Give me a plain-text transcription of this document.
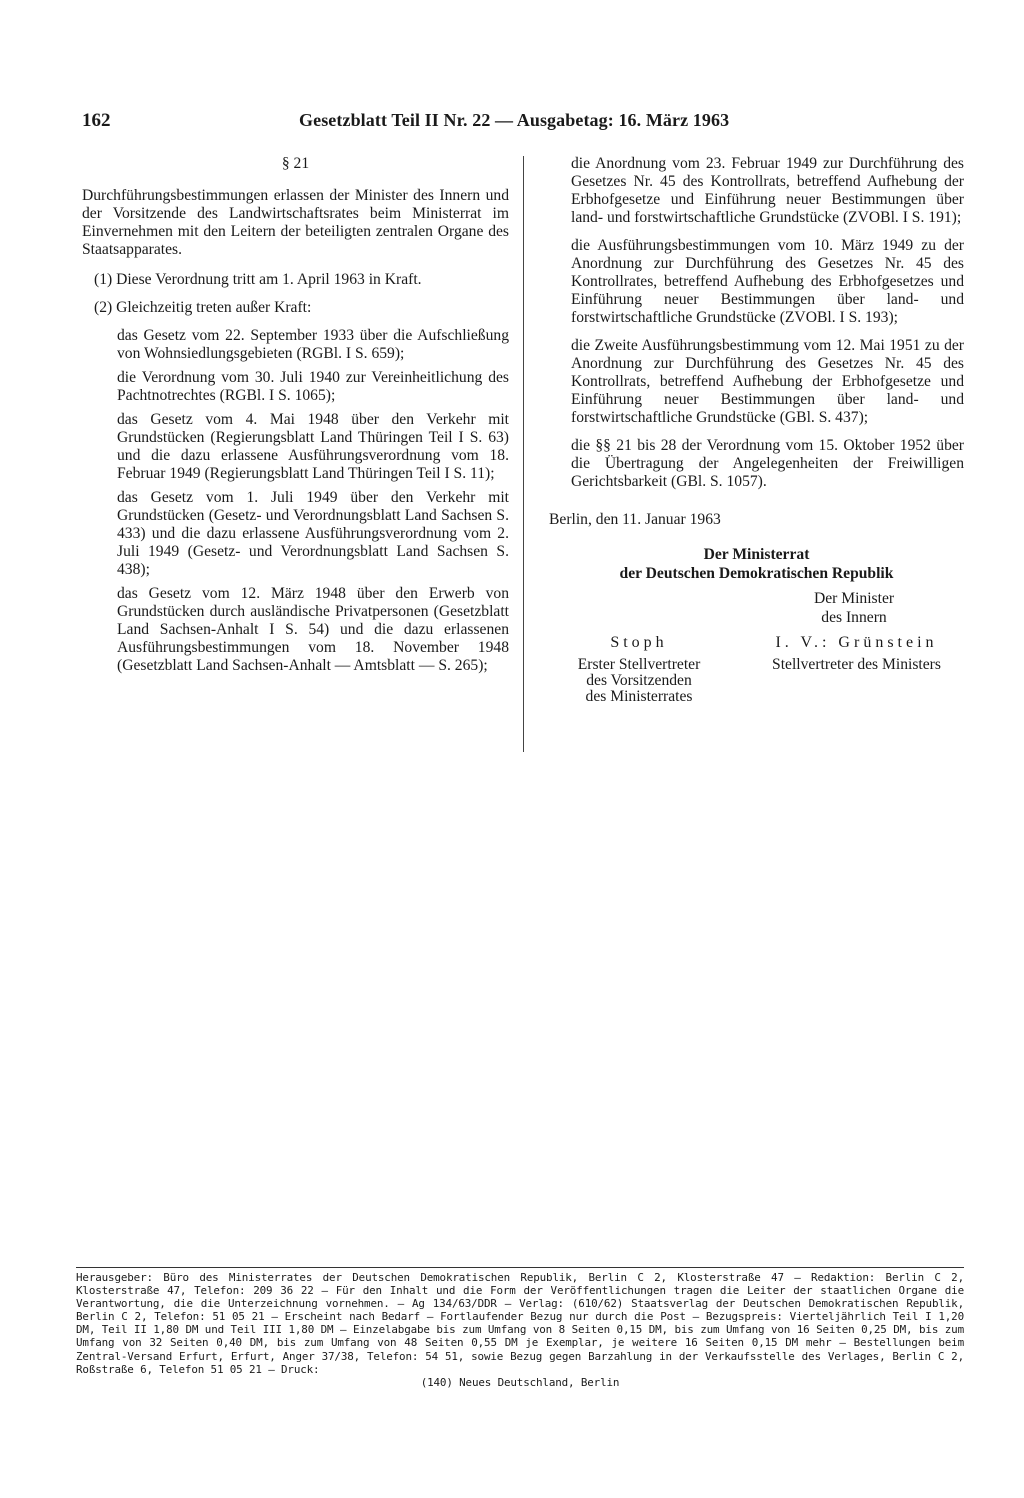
162	Gesetzblatt Teil II Nr. 22 — Ausgabetag: 16. März 1963

§ 21

Durchführungsbestimmungen erlassen der Minister des Innern und der Vorsitzende des Landwirtschaftsrates beim Ministerrat im Einvernehmen mit den Leitern der beteiligten zentralen Organe des Staatsapparates.

(1) Diese Verordnung tritt am 1. April 1963 in Kraft.

(2) Gleichzeitig treten außer Kraft:

das Gesetz vom 22. September 1933 über die Aufschließung von Wohnsiedlungsgebieten (RGBl. I S. 659);

die Verordnung vom 30. Juli 1940 zur Vereinheitlichung des Pachtnotrechtes (RGBl. I S. 1065);

das Gesetz vom 4. Mai 1948 über den Verkehr mit Grundstücken (Regierungsblatt Land Thüringen Teil I S. 63) und die dazu erlassene Ausführungsverordnung vom 18. Februar 1949 (Regierungsblatt Land Thüringen Teil I S. 11);

das Gesetz vom 1. Juli 1949 über den Verkehr mit Grundstücken (Gesetz- und Verordnungsblatt Land Sachsen S. 433) und die dazu erlassene Ausführungsverordnung vom 2. Juli 1949 (Gesetz- und Verordnungsblatt Land Sachsen S. 438);

das Gesetz vom 12. März 1948 über den Erwerb von Grundstücken durch ausländische Privatpersonen (Gesetzblatt Land Sachsen-Anhalt I S. 54) und die dazu erlassenen Ausführungsbestimmungen vom 18. November 1948 (Gesetzblatt Land Sachsen-Anhalt — Amtsblatt — S. 265);

die Anordnung vom 23. Februar 1949 zur Durchführung des Gesetzes Nr. 45 des Kontrollrats, betreffend Aufhebung der Erbhofgesetze und Einführung neuer Bestimmungen über land- und forstwirtschaftliche Grundstücke (ZVOBl. I S. 191);

die Ausführungsbestimmungen vom 10. März 1949 zu der Anordnung zur Durchführung des Gesetzes Nr. 45 des Kontrollrates, betreffend Aufhebung des Erbhofgesetzes und Einführung neuer Bestimmungen über land- und forstwirtschaftliche Grundstücke (ZVOBl. I S. 193);

die Zweite Ausführungsbestimmung vom 12. Mai 1951 zu der Anordnung zur Durchführung des Gesetzes Nr. 45 des Kontrollrats, betreffend Aufhebung der Erbhofgesetze und Einführung neuer Bestimmungen über land- und forstwirtschaftliche Grundstücke (GBl. S. 437);

die §§ 21 bis 28 der Verordnung vom 15. Oktober 1952 über die Übertragung der Angelegenheiten der Freiwilligen Gerichtsbarkeit (GBl. S. 1057).

Berlin, den 11. Januar 1963

Der Ministerrat
der Deutschen Demokratischen Republik
Der Minister
des Innern
Stoph
Erster Stellvertreter
des Vorsitzenden
des Ministerrates
I. V.: Grünstein
Stellvertreter des Ministers
Herausgeber: Büro des Ministerrates der Deutschen Demokratischen Republik, Berlin C 2, Klosterstraße 47 – Redaktion: Berlin C 2, Klosterstraße 47, Telefon: 209 36 22 – Für den Inhalt und die Form der Veröffentlichungen tragen die Leiter der staatlichen Organe die Verantwortung, die die Unterzeichnung vornehmen. – Ag 134/63/DDR – Verlag: (610/62) Staatsverlag der Deutschen Demokratischen Republik, Berlin C 2, Telefon: 51 05 21 – Erscheint nach Bedarf – Fortlaufender Bezug nur durch die Post – Bezugspreis: Vierteljährlich Teil I 1,20 DM, Teil II 1,80 DM und Teil III 1,80 DM – Einzelabgabe bis zum Umfang von 8 Seiten 0,15 DM, bis zum Umfang von 16 Seiten 0,25 DM, bis zum Umfang von 32 Seiten 0,40 DM, bis zum Umfang von 48 Seiten 0,55 DM je Exemplar, je weitere 16 Seiten 0,15 DM mehr – Bestellungen beim Zentral-Versand Erfurt, Erfurt, Anger 37/38, Telefon: 54 51, sowie Bezug gegen Barzahlung in der Verkaufsstelle des Verlages, Berlin C 2, Roßstraße 6, Telefon 51 05 21 – Druck:
(140) Neues Deutschland, Berlin
